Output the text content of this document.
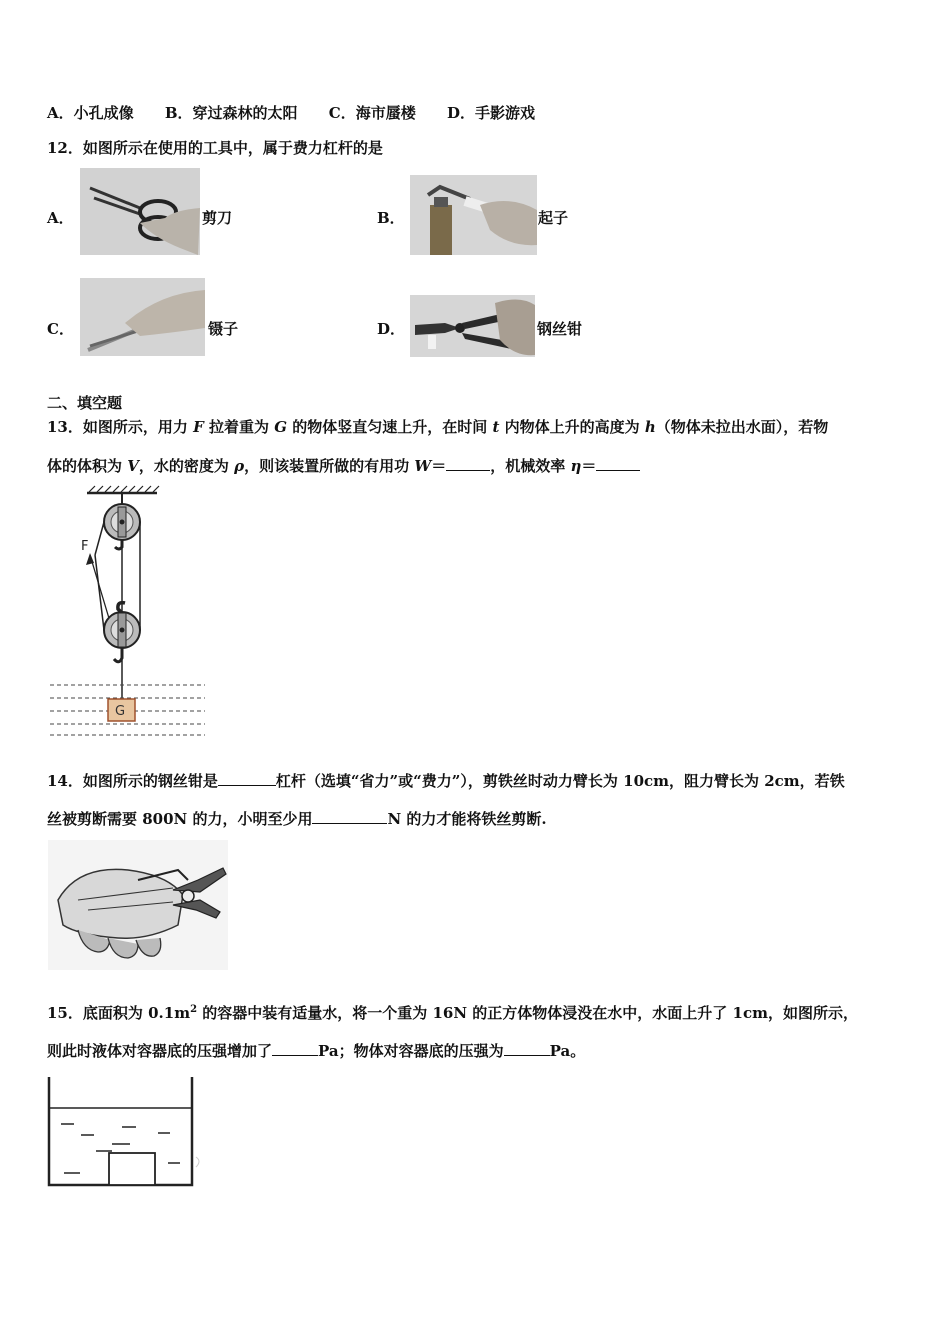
A．小孔成像 B．穿过森林的太阳 C．海市蜃楼 D．手影游戏
12．如图所示在使用的工具中，属于费力杠杆的是
A．	剪刀	B．	起子
C．	镊子	D．	钢丝钳
二、填空题
13．如图所示，用力 F 拉着重为 G 的物体竖直匀速上升，在时间 t 内物体上升的高度为 h（物体未拉出水面），若物
体的体积为 V，水的密度为 ρ，则该装置所做的有用功 W＝	，机械效率 η＝
F
G
14．如图所示的钢丝钳是	杠杆（选填“省力”或“费力”），剪铁丝时动力臂长为 10cm，阻力臂长为 2cm，若铁
丝被剪断需要 800N 的力，小明至少用	N 的力才能将铁丝剪断.
15．底面积为 $0.1m^2$ 的容器中装有适量水，将一个重为 16N 的正方体物体浸没在水中，水面上升了 1cm，如图所示，
则此时液体对容器底的压强增加了	Pa；物体对容器底的压强为	Pa。
